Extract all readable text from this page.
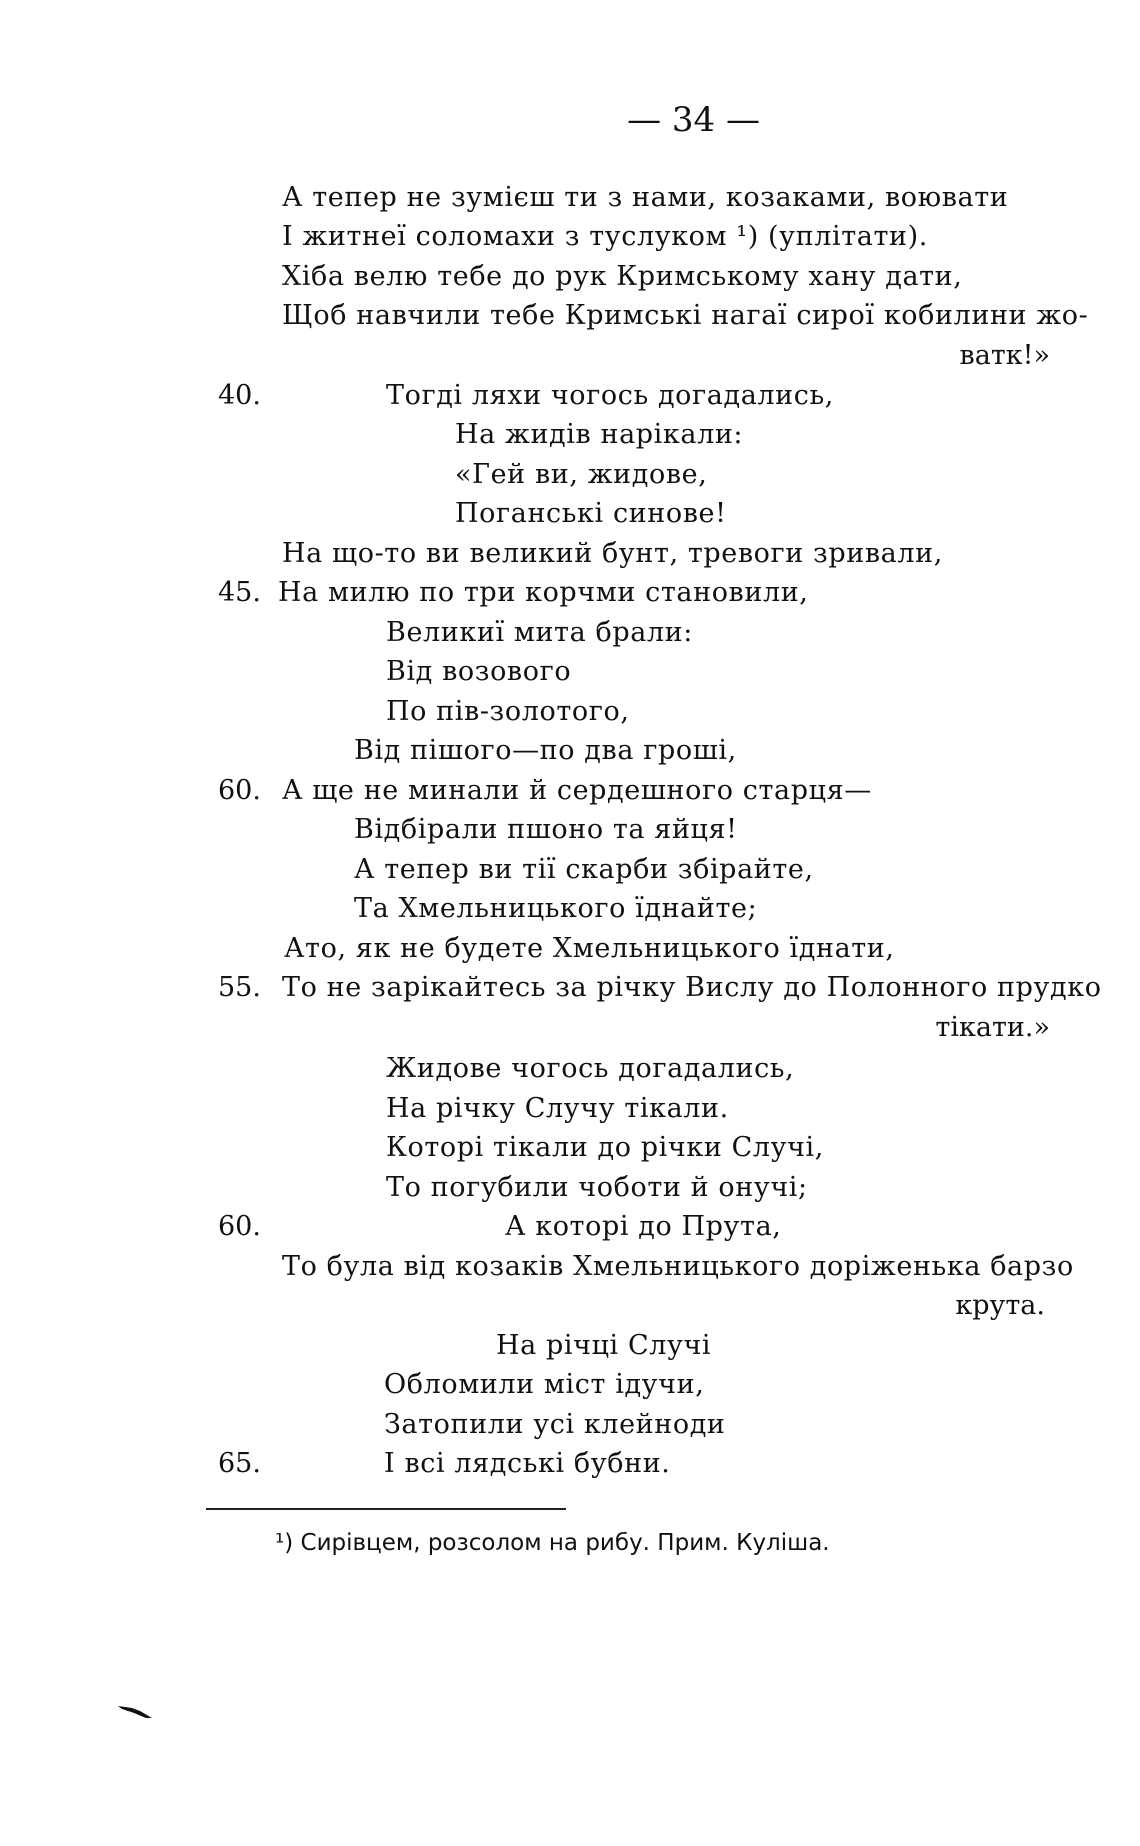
— 34 —
А тепер не зумієш ти з нами, козаками, воювати
І житнеї соломахи з туслуком ¹) (уплітати).
Хіба велю тебе до рук Кримському хану дати,
Щоб навчили тебе Кримські нагаї сирої кобилини жо-
ватк!»
40.	Тогді ляхи чогось догадались,
На жидів нарікали:
«Гей ви, жидове,
Поганські синове!
На що-то ви великий бунт, тревоги зривали,
45. На милю по три корчми становили,
Великиї мита брали:
Від возового
По пів-золотого,
Від пішого—по два гроші,
60. А ще не минали й сердешного старця—
Відбірали пшоно та яйця!
А тепер ви тії скарби збірайте,
Та Хмельницького їднайте;
Ато, як не будете Хмельницького їднати,
55. То не зарікайтесь за річку Вислу до Полонного прудко
тікати.»
Жидове чогось догадались,
На річку Случу тікали.
Которі тікали до річки Случі,
То погубили чоботи й онучі;
60.	А которі до Прута,
То була від козаків Хмельницького доріженька барзо
крута.
На річці Случі
Обломили міст ідучи,
Затопили усі клейноди
65.	І всі лядські бубни.
¹) Сирівцем, розсолом на рибу. Прим. Куліша.
